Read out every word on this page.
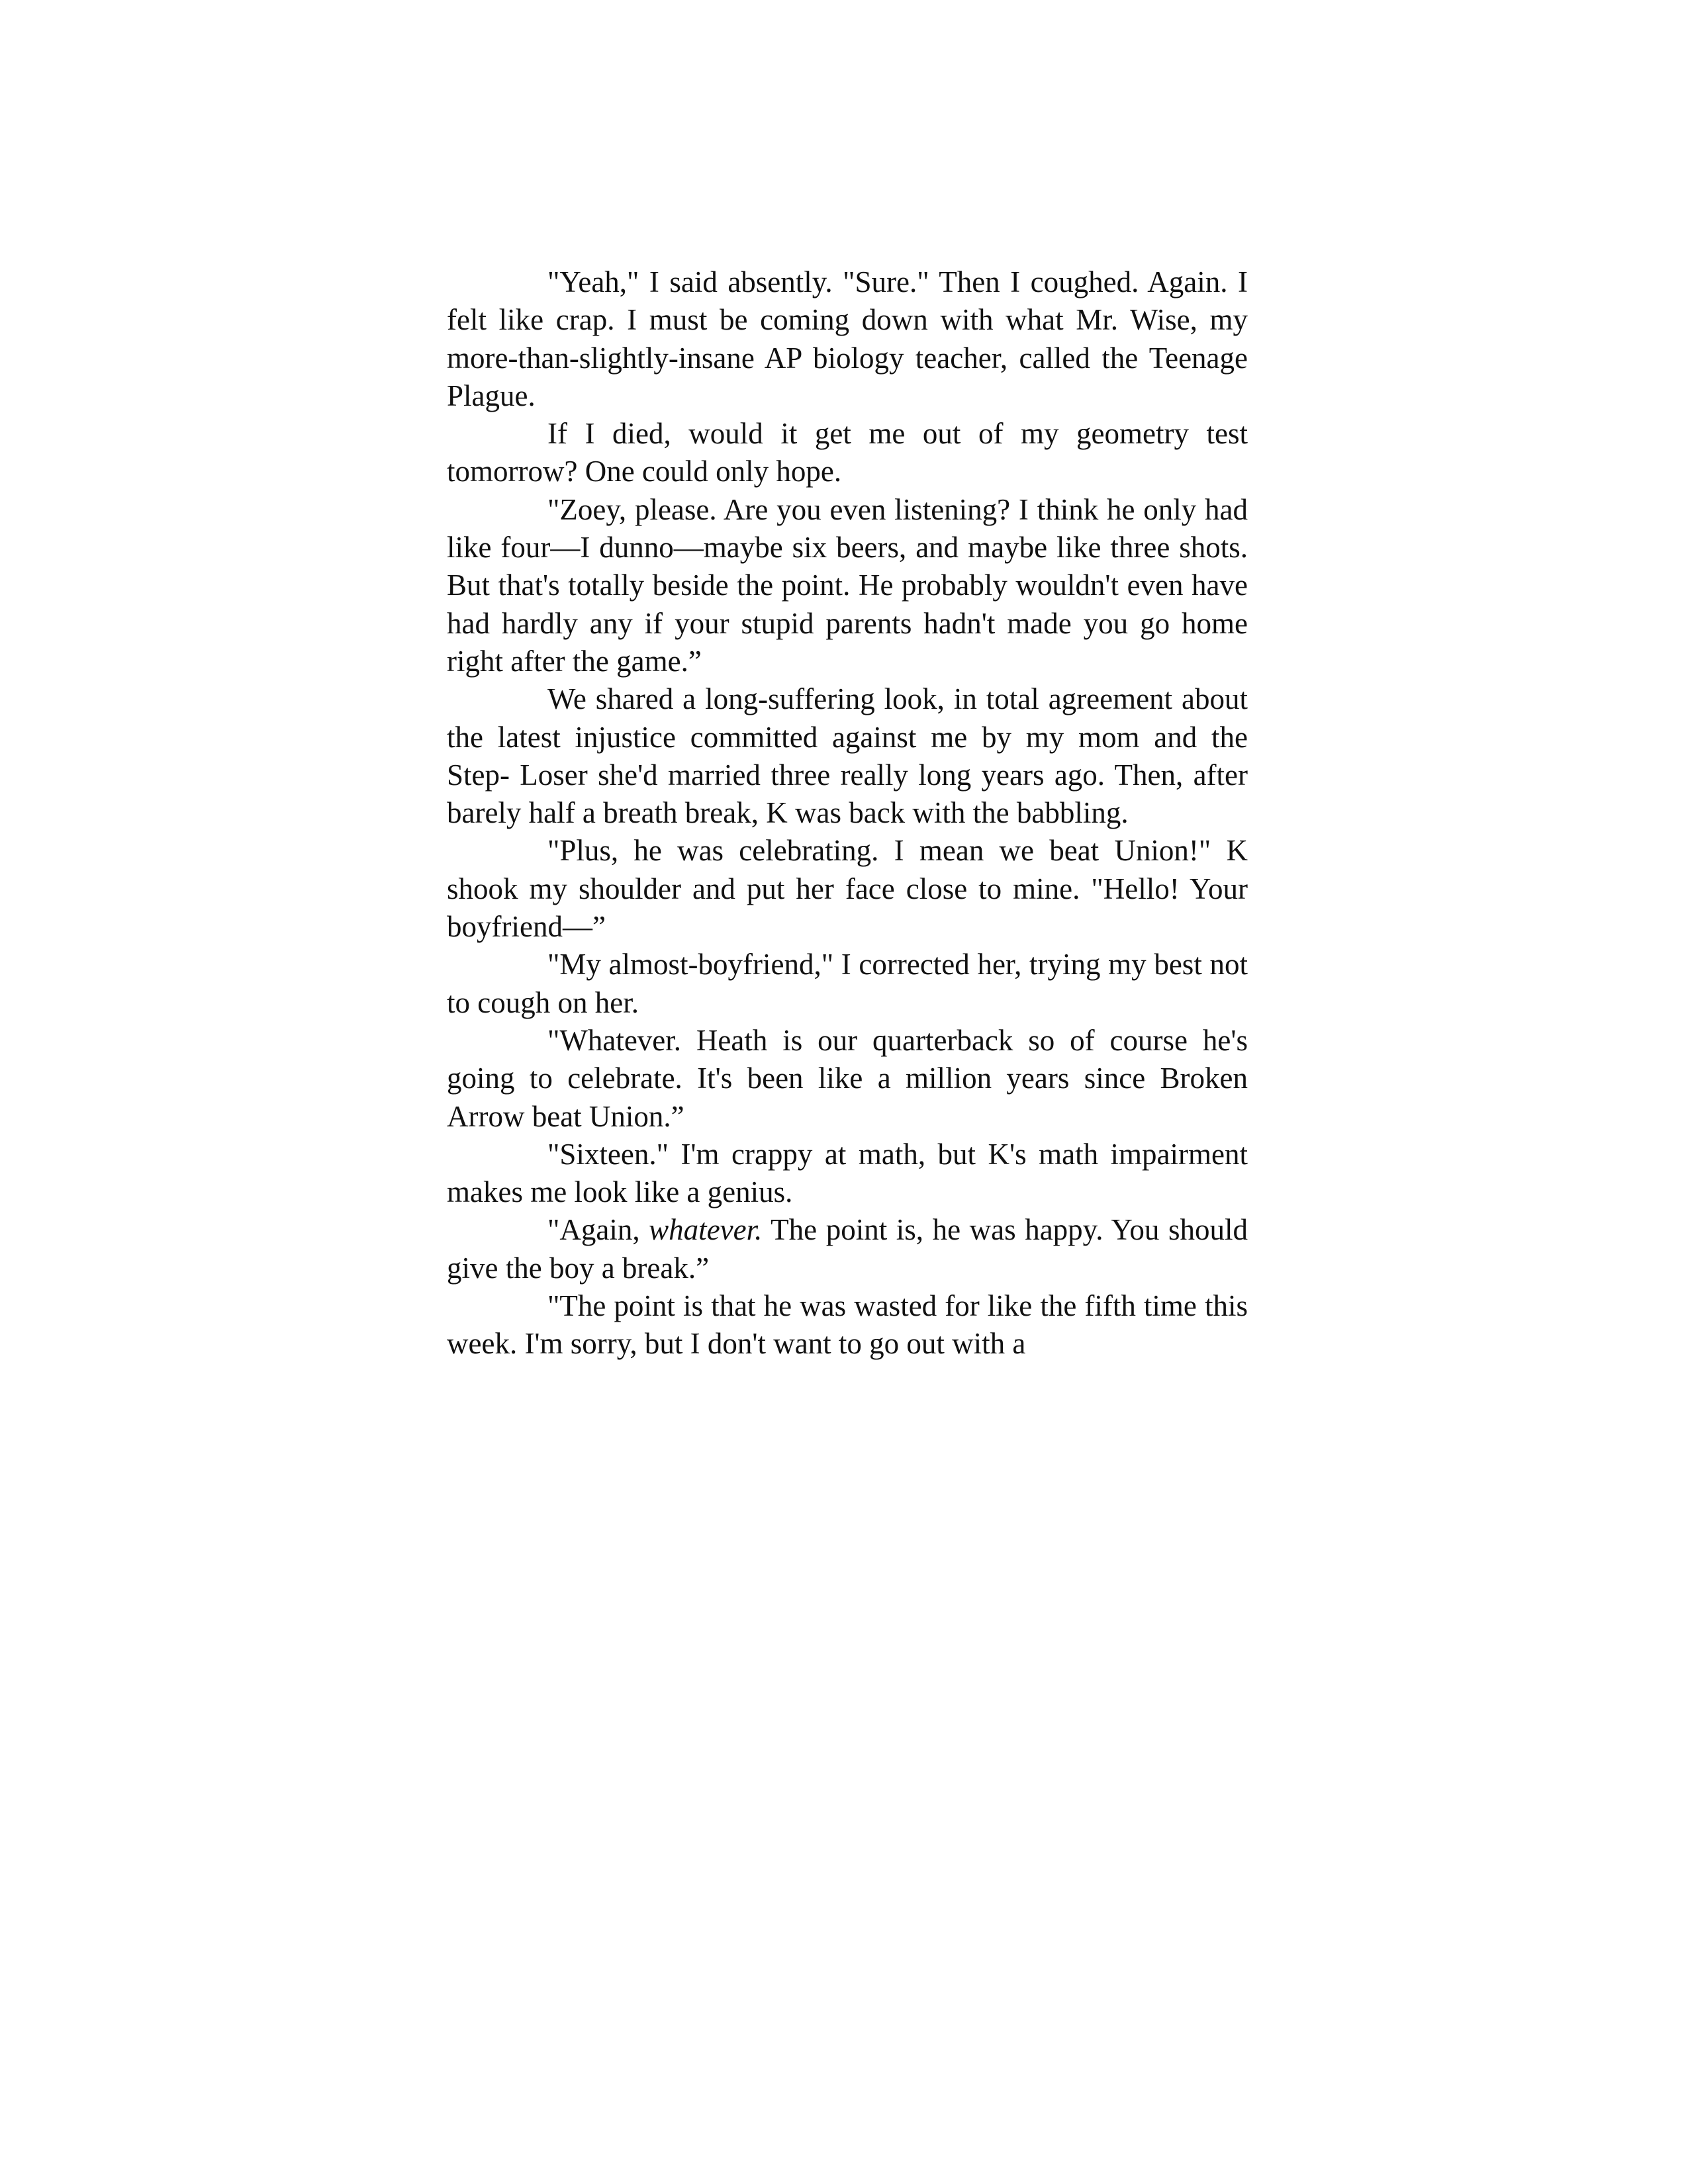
"Yeah," I said absently. "Sure." Then I coughed. Again. I felt like crap. I must be coming down with what Mr. Wise, my more-than-slightly-insane AP biology teacher, called the Teenage Plague.

If I died, would it get me out of my geometry test tomorrow? One could only hope.

"Zoey, please. Are you even listening? I think he only had like four—I dunno—maybe six beers, and maybe like three shots. But that's totally beside the point. He probably wouldn't even have had hardly any if your stupid parents hadn't made you go home right after the game.”

We shared a long-suffering look, in total agreement about the latest injustice committed against me by my mom and the Step- Loser she'd married three really long years ago. Then, after barely half a breath break, K was back with the babbling.

"Plus, he was celebrating. I mean we beat Union!" K shook my shoulder and put her face close to mine. "Hello! Your boyfriend—”

"My almost-boyfriend," I corrected her, trying my best not to cough on her.

"Whatever. Heath is our quarterback so of course he's going to celebrate. It's been like a million years since Broken Arrow beat Union.”

"Sixteen." I'm crappy at math, but K's math impairment makes me look like a genius.

"Again, whatever. The point is, he was happy. You should give the boy a break.”

"The point is that he was wasted for like the fifth time this week. I'm sorry, but I don't want to go out with a
